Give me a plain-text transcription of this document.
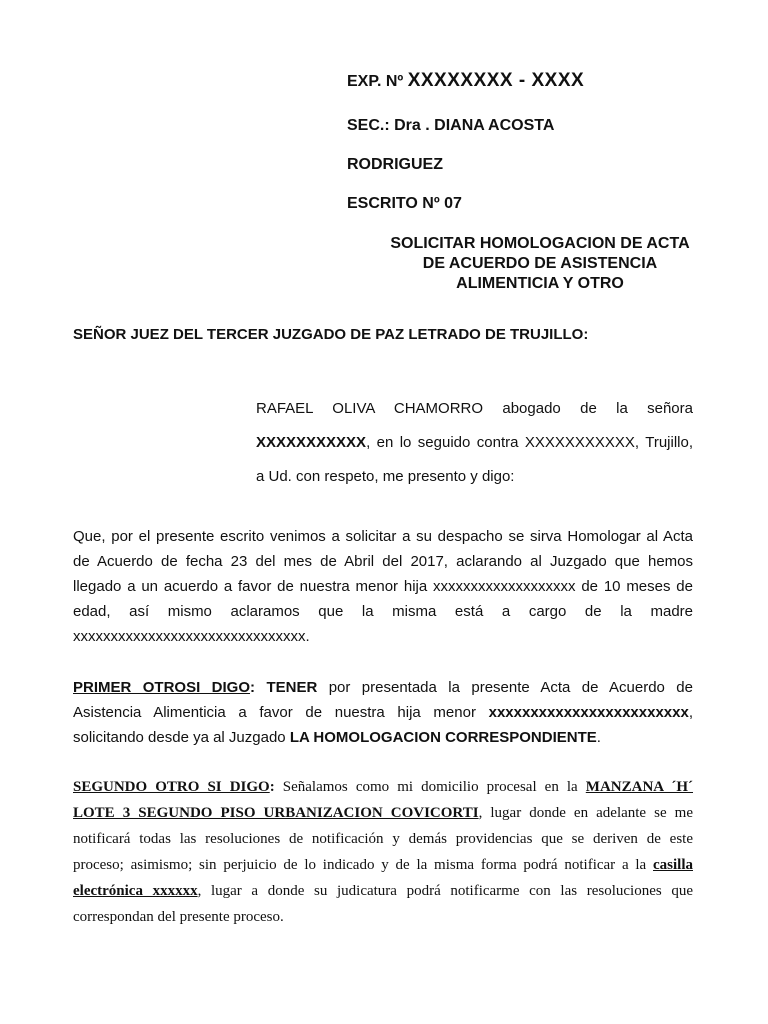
EXP. Nº XXXXXXXX - XXXX
SEC.: Dra . DIANA ACOSTA
RODRIGUEZ
ESCRITO Nº 07
SOLICITAR HOMOLOGACION DE ACTA
DE ACUERDO DE ASISTENCIA
ALIMENTICIA Y OTRO
SEÑOR JUEZ DEL TERCER JUZGADO DE PAZ LETRADO DE TRUJILLO:
RAFAEL OLIVA CHAMORRO abogado de la señora
XXXXXXXXXXX, en lo seguido contra XXXXXXXXXXX, Trujillo,
a Ud. con respeto, me presento y digo:
Que, por el presente escrito venimos a solicitar a su despacho se sirva Homologar al Acta
de Acuerdo de fecha 23 del mes de Abril del 2017, aclarando al Juzgado que hemos
llegado a un acuerdo a favor de nuestra menor hija xxxxxxxxxxxxxxxxxxx de 10 meses de
edad, así mismo aclaramos que la misma está a cargo de la madre
xxxxxxxxxxxxxxxxxxxxxxxxxxxxxxx.
PRIMER OTROSI DIGO: TENER por presentada la presente Acta de Acuerdo de
Asistencia Alimenticia a favor de nuestra hija menor xxxxxxxxxxxxxxxxxxxxxxxx,
solicitando desde ya al Juzgado LA HOMOLOGACION CORRESPONDIENTE.
SEGUNDO OTRO SI DIGO: Señalamos como mi domicilio procesal en la MANZANA ´H´
LOTE 3 SEGUNDO PISO URBANIZACION COVICORTI, lugar donde en adelante se me
notificará todas las resoluciones de notificación y demás providencias que se deriven de este
proceso; asimismo; sin perjuicio de lo indicado y de la misma forma podrá notificar a la casilla
electrónica xxxxxx, lugar a donde su judicatura podrá notificarme con las resoluciones que
correspondan del presente proceso.
